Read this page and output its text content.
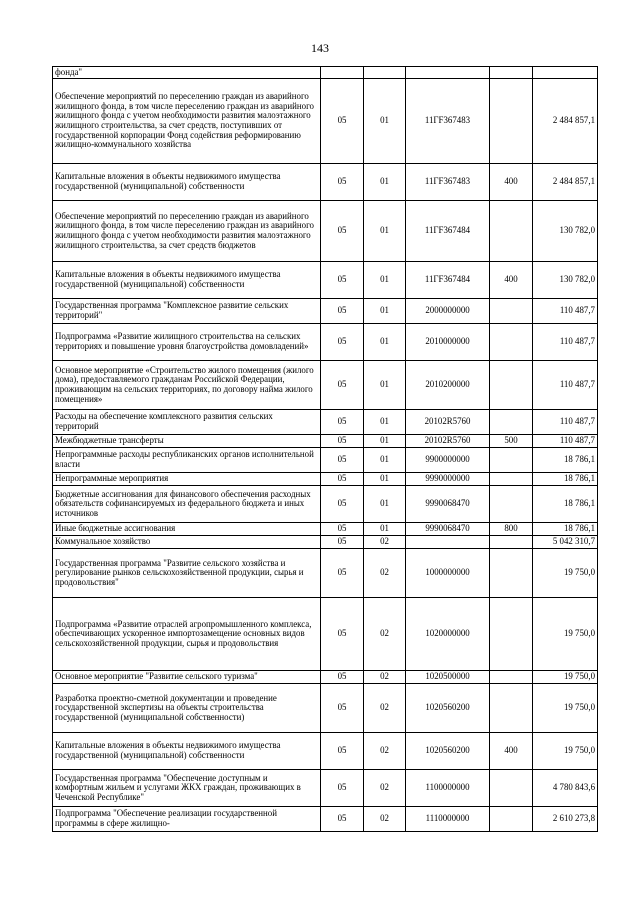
143
фонда"					
Обеспечение мероприятий по переселению граждан из аварийного жилищного фонда, в том числе переселению граждан из аварийного жилищного фонда с учетом необходимости развития малоэтажного жилищного строительства, за счет средств, поступивших от государственной корпорации Фонд содействия реформированию жилищно-коммунального хозяйства	05	01	11ГF367483		2 484 857,1
Капитальные вложения в объекты недвижимого имущества государственной (муниципальной) собственности	05	01	11ГF367483	400	2 484 857,1
Обеспечение мероприятий по переселению граждан из аварийного жилищного фонда, в том числе переселению граждан из аварийного жилищного фонда с учетом необходимости развития малоэтажного жилищного строительства, за счет средств бюджетов	05	01	11ГF367484		130 782,0
Капитальные вложения в объекты недвижимого имущества государственной (муниципальной) собственности	05	01	11ГF367484	400	130 782,0
Государственная программа "Комплексное развитие сельских территорий"	05	01	2000000000		110 487,7
Подпрограмма «Развитие жилищного строительства на сельских территориях и повышение уровня благоустройства домовладений»	05	01	2010000000		110 487,7
Основное мероприятие «Строительство жилого помещения (жилого дома), предоставляемого гражданам Российской Федерации, проживающим на сельских территориях, по договору найма жилого помещения»	05	01	2010200000		110 487,7
Расходы на обеспечение комплексного развития сельских территорий	05	01	20102R5760		110 487,7
Межбюджетные трансферты	05	01	20102R5760	500	110 487,7
Непрограммные расходы республиканских органов исполнительной власти	05	01	9900000000		18 786,1
Непрограммные мероприятия	05	01	9990000000		18 786,1
Бюджетные ассигнования для финансового обеспечения расходных обязательств софинансируемых из федерального бюджета и иных источников	05	01	9990068470		18 786,1
Иные бюджетные ассигнования	05	01	9990068470	800	18 786,1
Коммунальное хозяйство	05	02			5 042 310,7
Государственная программа "Развитие сельского хозяйства и регулирование рынков сельскохозяйственной продукции, сырья и продовольствия"	05	02	1000000000		19 750,0
Подпрограмма «Развитие отраслей агропромышленного комплекса, обеспечивающих ускоренное импортозамещение основных видов сельскохозяйственной продукции, сырья и продовольствия	05	02	1020000000		19 750,0
Основное мероприятие "Развитие сельского туризма"	05	02	1020500000		19 750,0
Разработка проектно-сметной документации и проведение государственной экспертизы на объекты строительства государственной (муниципальной собственности)	05	02	1020560200		19 750,0
Капитальные вложения в объекты недвижимого имущества государственной (муниципальной) собственности	05	02	1020560200	400	19 750,0
Государственная программа "Обеспечение доступным и комфортным жильем и услугами ЖКХ граждан, проживающих в Чеченской Республике"	05	02	1100000000		4 780 843,6
Подпрограмма "Обеспечение реализации государственной программы в сфере жилищно-	05	02	1110000000		2 610 273,8
